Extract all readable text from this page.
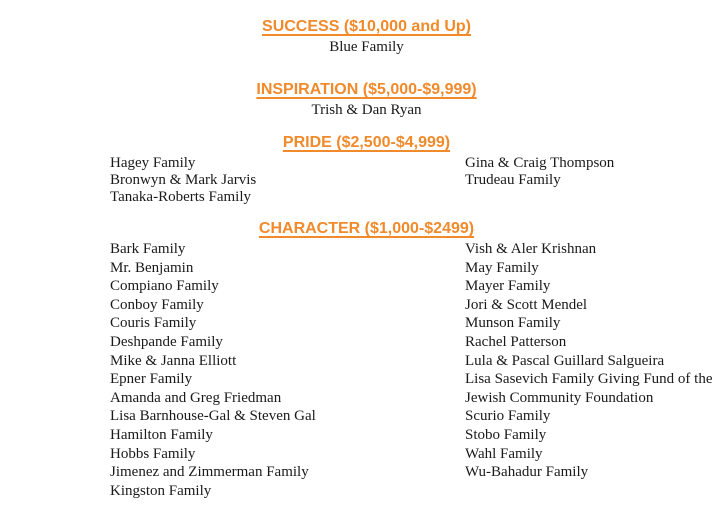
SUCCESS ($10,000 and Up)
Blue Family
INSPIRATION ($5,000-$9,999)
Trish & Dan Ryan
PRIDE ($2,500-$4,999)
Hagey Family
Bronwyn & Mark Jarvis
Tanaka-Roberts Family
Gina & Craig Thompson
Trudeau Family
CHARACTER ($1,000-$2499)
Bark Family
Mr. Benjamin
Compiano Family
Conboy Family
Couris Family
Deshpande Family
Mike & Janna Elliott
Epner Family
Amanda and Greg Friedman
Lisa Barnhouse-Gal & Steven Gal
Hamilton Family
Hobbs Family
Jimenez and Zimmerman Family
Kingston Family
Vish & Aler Krishnan
May Family
Mayer Family
Jori & Scott Mendel
Munson Family
Rachel Patterson
Lula & Pascal Guillard Salgueira
Lisa Sasevich Family Giving Fund of the
Jewish Community Foundation
Scurio Family
Stobo Family
Wahl Family
Wu-Bahadur Family
